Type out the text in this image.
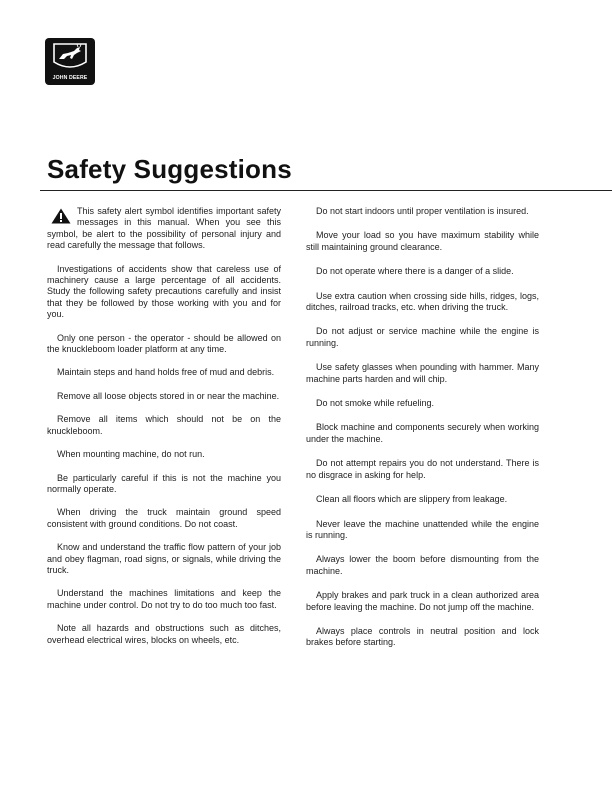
JOHN DEERE
Safety Suggestions

This safety alert symbol identifies important safety messages in this manual. When you see this symbol, be alert to the possibility of personal injury and read carefully the message that follows.

Investigations of accidents show that careless use of machinery cause a large percentage of all accidents. Study the following safety precautions carefully and insist that they be followed by those working with you and for you.

Only one person - the operator - should be allowed on the knuckleboom loader platform at any time.

Maintain steps and hand holds free of mud and debris.

Remove all loose objects stored in or near the machine.

Remove all items which should not be on the knuckleboom.

When mounting machine, do not run.

Be particularly careful if this is not the machine you normally operate.

When driving the truck maintain ground speed consistent with ground conditions. Do not coast.

Know and understand the traffic flow pattern of your job and obey flagman, road signs, or signals, while driving the truck.

Understand the machines limitations and keep the machine under control. Do not try to do too much too fast.

Note all hazards and obstructions such as ditches, overhead electrical wires, blocks on wheels, etc.

Do not start indoors until proper ventilation is insured.

Move your load so you have maximum stability while still maintaining ground clearance.

Do not operate where there is a danger of a slide.

Use extra caution when crossing side hills, ridges, logs, ditches, railroad tracks, etc. when driving the truck.

Do not adjust or service machine while the engine is running.

Use safety glasses when pounding with hammer. Many machine parts harden and will chip.

Do not smoke while refueling.

Block machine and components securely when working under the machine.

Do not attempt repairs you do not understand. There is no disgrace in asking for help.

Clean all floors which are slippery from leakage.

Never leave the machine unattended while the engine is running.

Always lower the boom before dismounting from the machine.

Apply brakes and park truck in a clean authorized area before leaving the machine. Do not jump off the machine.

Always place controls in neutral position and lock brakes before starting.
